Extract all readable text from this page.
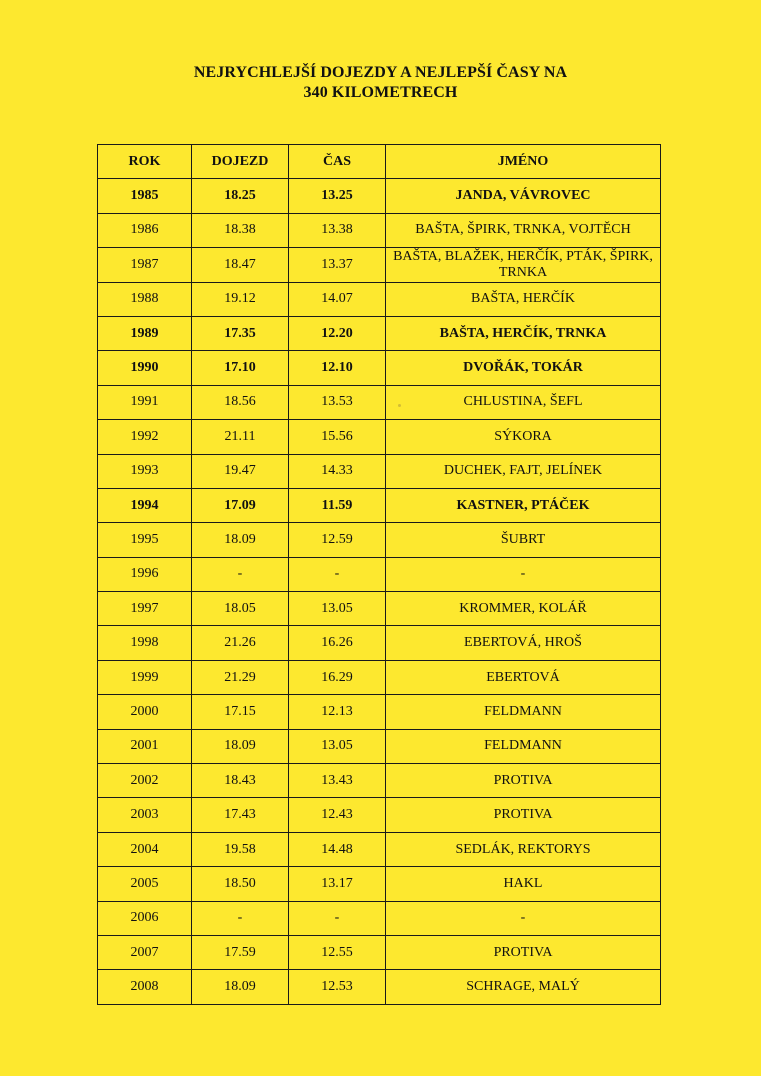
NEJRYCHLEJŠÍ DOJEZDY A NEJLEPŠÍ ČASY NA
340 KILOMETRECH
ROK	DOJEZD	ČAS	JMÉNO
1985	18.25	13.25	JANDA, VÁVROVEC
1986	18.38	13.38	BAŠTA, ŠPIRK, TRNKA, VOJTĚCH
1987	18.47	13.37	BAŠTA, BLAŽEK, HERČÍK, PTÁK, ŠPIRK, TRNKA
1988	19.12	14.07	BAŠTA, HERČÍK
1989	17.35	12.20	BAŠTA, HERČÍK, TRNKA
1990	17.10	12.10	DVOŘÁK, TOKÁR
1991	18.56	13.53	CHLUSTINA, ŠEFL
1992	21.11	15.56	SÝKORA
1993	19.47	14.33	DUCHEK, FAJT, JELÍNEK
1994	17.09	11.59	KASTNER, PTÁČEK
1995	18.09	12.59	ŠUBRT
1996	-	-	-
1997	18.05	13.05	KROMMER, KOLÁŘ
1998	21.26	16.26	EBERTOVÁ, HROŠ
1999	21.29	16.29	EBERTOVÁ
2000	17.15	12.13	FELDMANN
2001	18.09	13.05	FELDMANN
2002	18.43	13.43	PROTIVA
2003	17.43	12.43	PROTIVA
2004	19.58	14.48	SEDLÁK, REKTORYS
2005	18.50	13.17	HAKL
2006	-	-	-
2007	17.59	12.55	PROTIVA
2008	18.09	12.53	SCHRAGE, MALÝ
